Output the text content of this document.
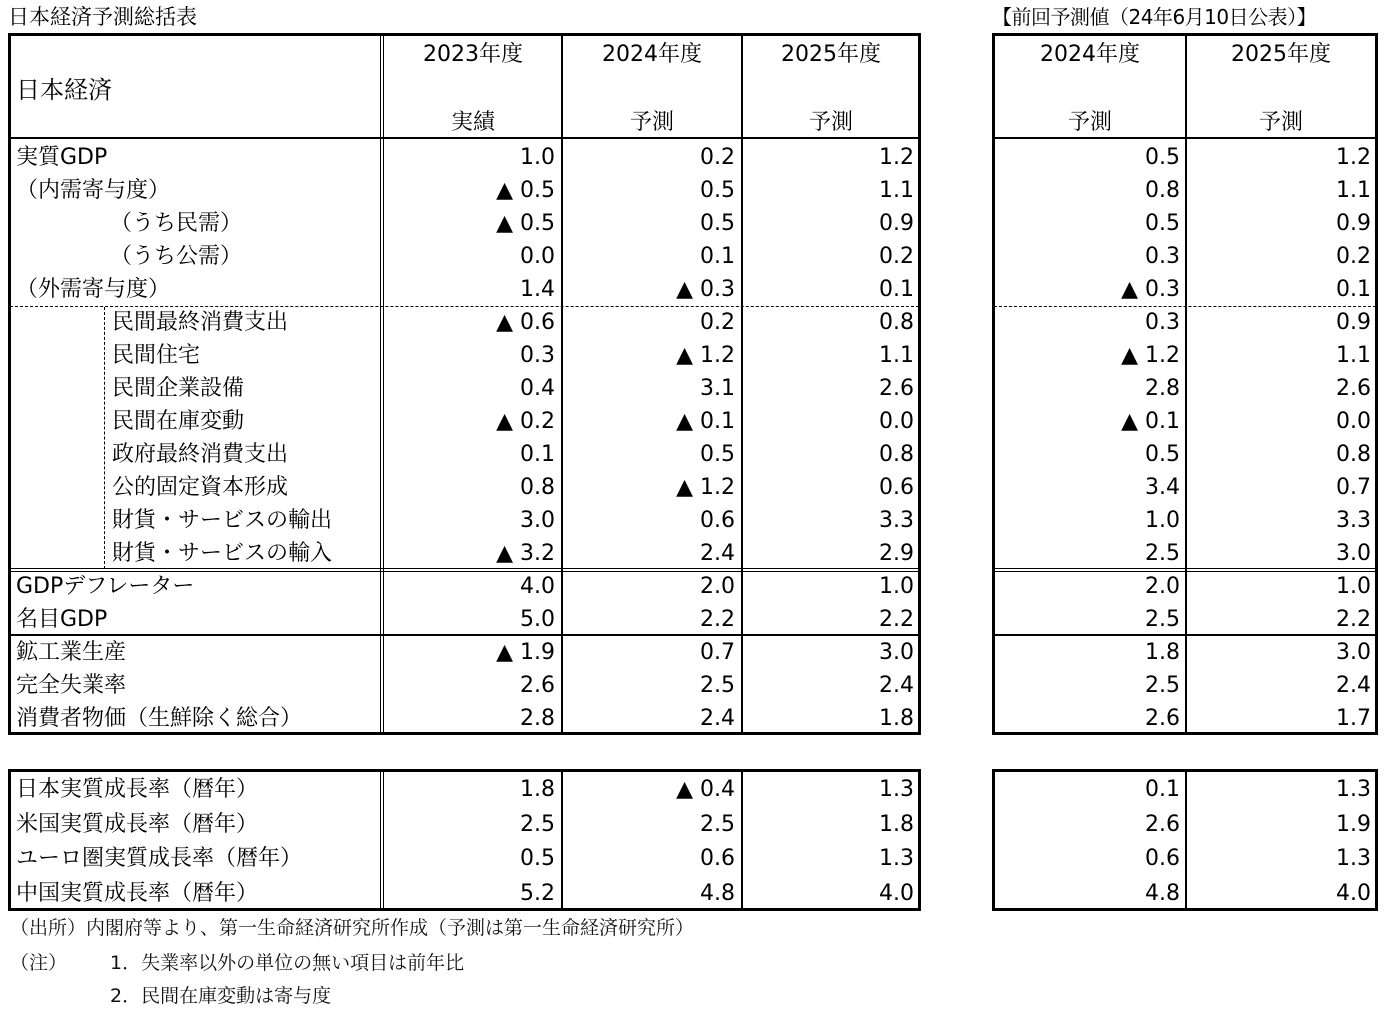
日本経済予測総括表	【前回予測値（24年6月10日公表）】
日本経済
2023年度	2024年度	2025年度
実績	予測	予測
2024年度	2025年度
予測	予測
実質GDP	1.0	0.2	1.2	0.5	1.2
（内需寄与度）	▲ 0.5	0.5	1.1	0.8	1.1
（うち民需）	▲ 0.5	0.5	0.9	0.5	0.9
（うち公需）	0.0	0.1	0.2	0.3	0.2
（外需寄与度）	1.4	▲ 0.3	0.1	▲ 0.3	0.1
民間最終消費支出	▲ 0.6	0.2	0.8	0.3	0.9
民間住宅	0.3	▲ 1.2	1.1	▲ 1.2	1.1
民間企業設備	0.4	3.1	2.6	2.8	2.6
民間在庫変動	▲ 0.2	▲ 0.1	0.0	▲ 0.1	0.0
政府最終消費支出	0.1	0.5	0.8	0.5	0.8
公的固定資本形成	0.8	▲ 1.2	0.6	3.4	0.7
財貨・サービスの輸出	3.0	0.6	3.3	1.0	3.3
財貨・サービスの輸入	▲ 3.2	2.4	2.9	2.5	3.0
GDPデフレーター	4.0	2.0	1.0	2.0	1.0
名目GDP	5.0	2.2	2.2	2.5	2.2
鉱工業生産	▲ 1.9	0.7	3.0	1.8	3.0
完全失業率	2.6	2.5	2.4	2.5	2.4
消費者物価（生鮮除く総合）	2.8	2.4	1.8	2.6	1.7
日本実質成長率（暦年）	1.8	▲ 0.4	1.3	0.1	1.3
米国実質成長率（暦年）	2.5	2.5	1.8	2.6	1.9
ユーロ圏実質成長率（暦年）	0.5	0.6	1.3	0.6	1.3
中国実質成長率（暦年）	5.2	4.8	4.0	4.8	4.0
（出所）内閣府等より、第一生命経済研究所作成（予測は第一生命経済研究所）
（注） 1．失業率以外の単位の無い項目は前年比
2．民間在庫変動は寄与度
